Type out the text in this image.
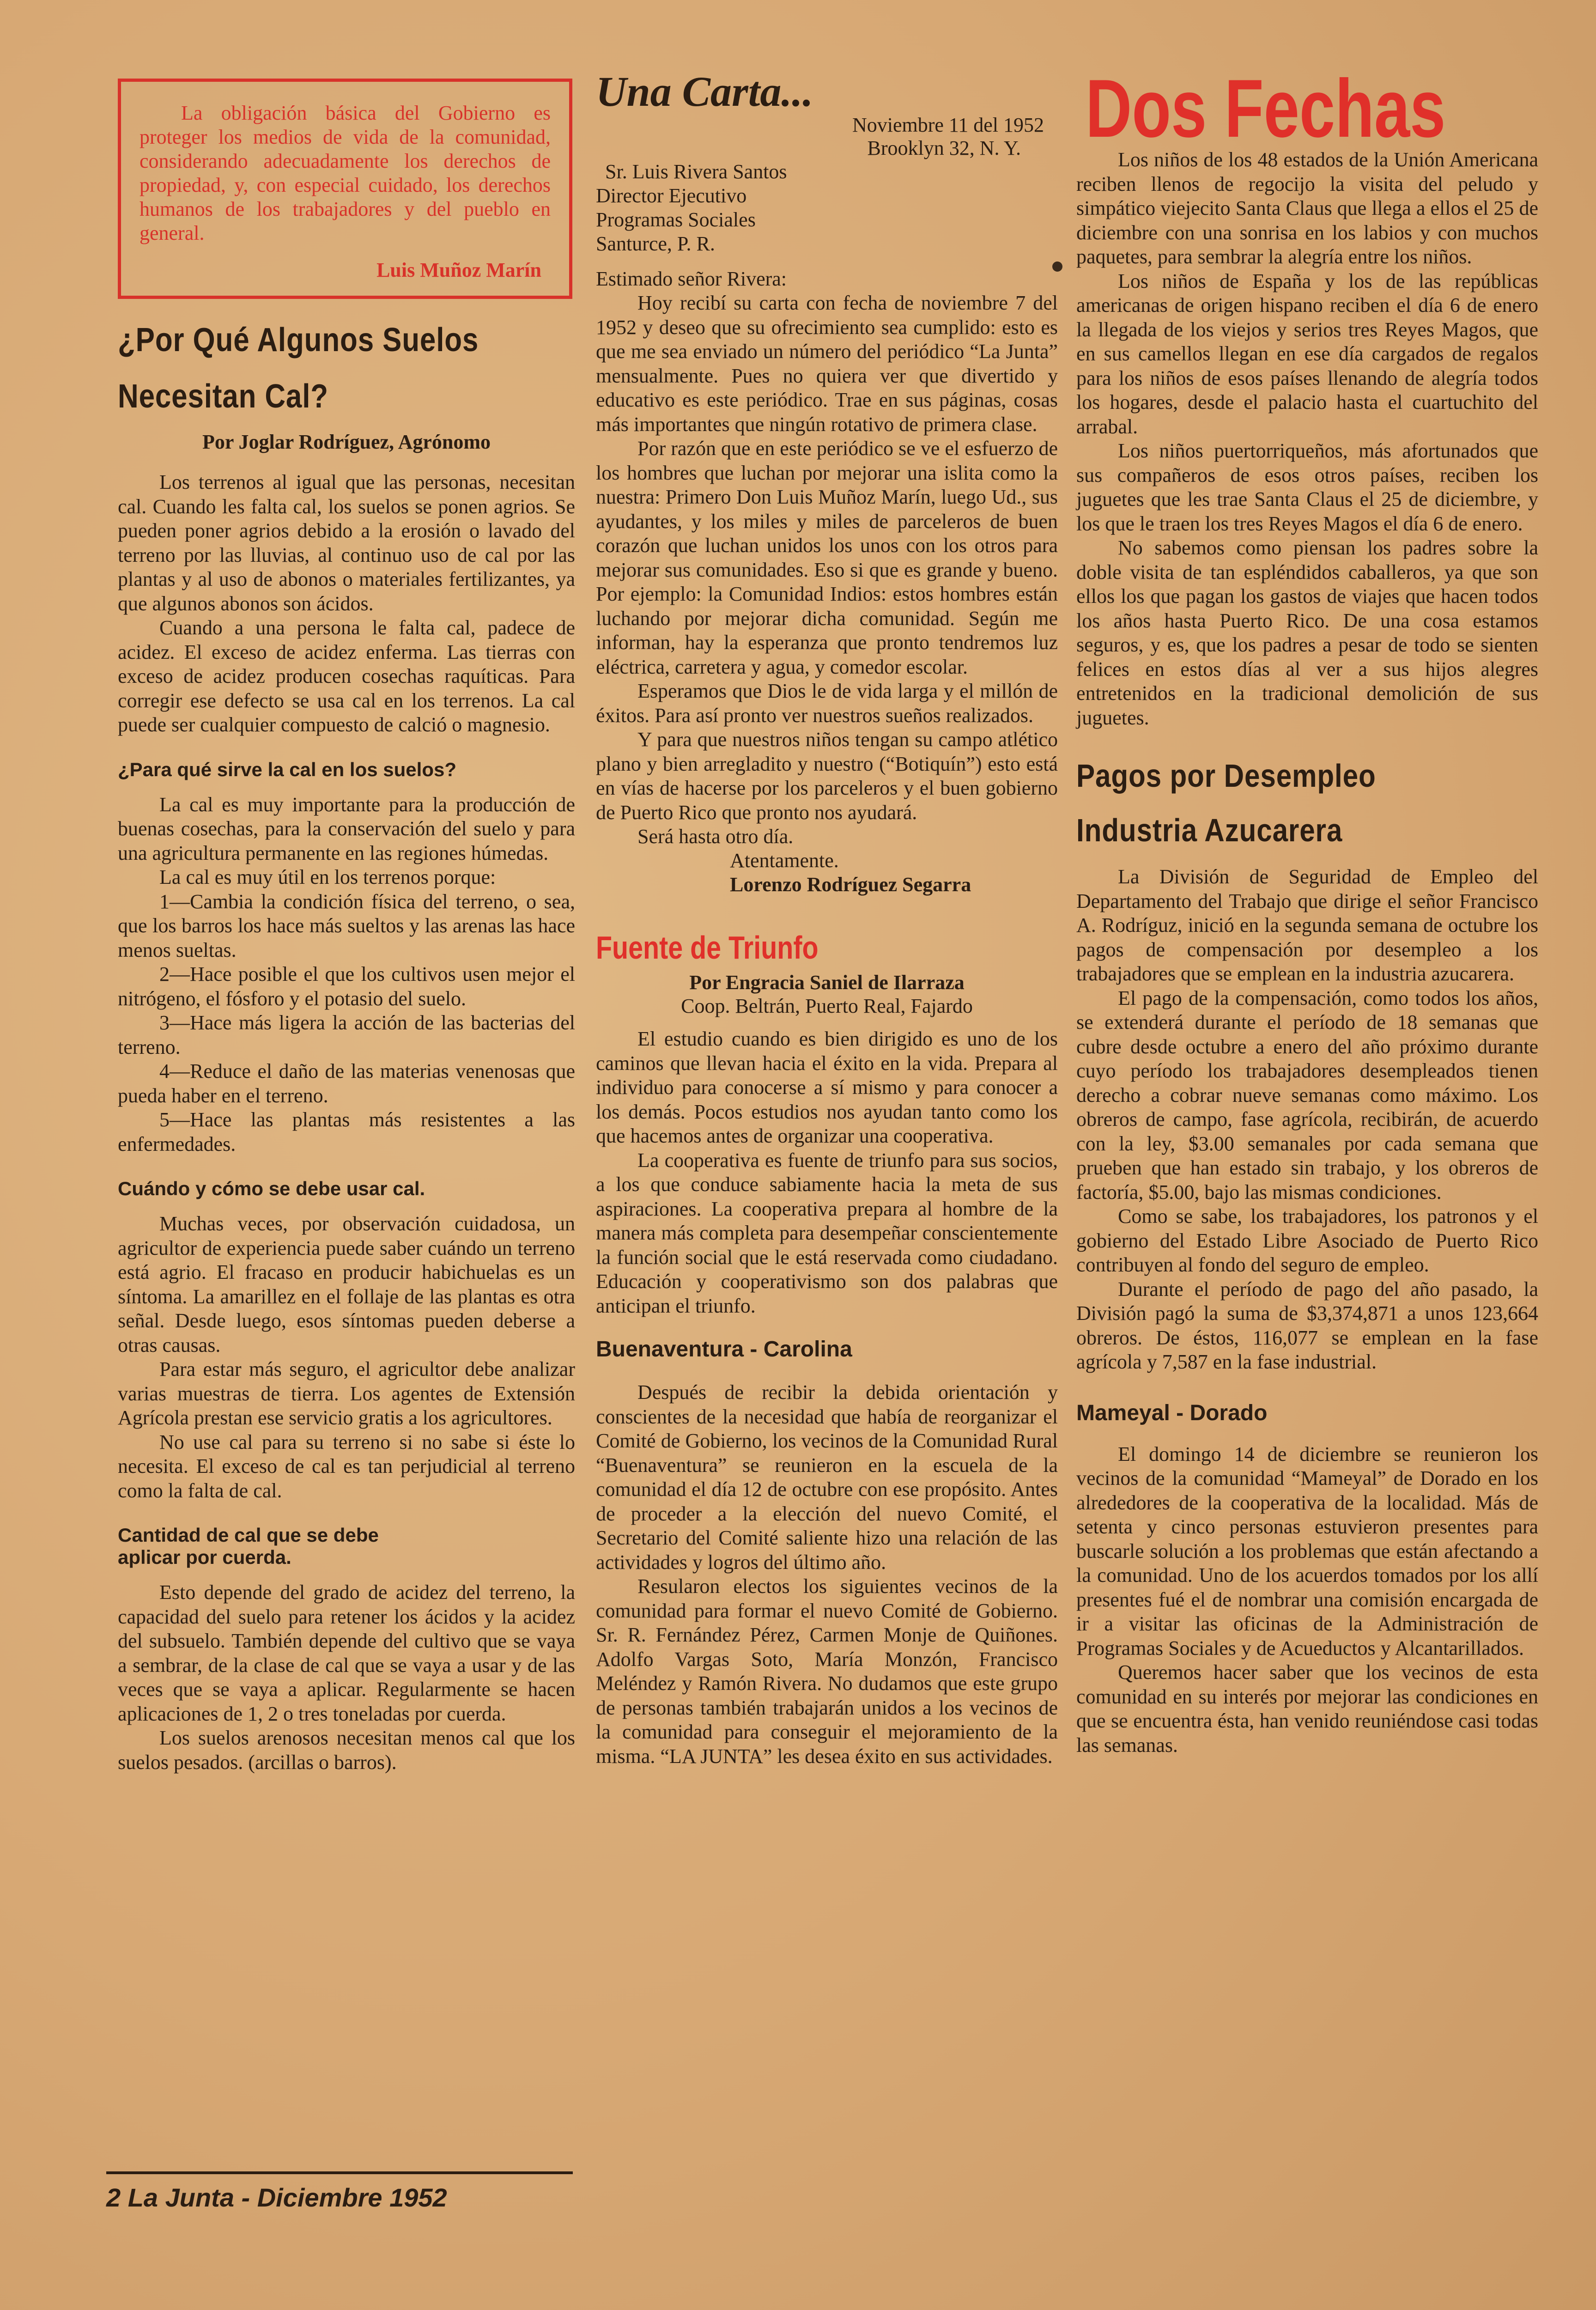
La obligación básica del Gobierno es proteger los medios de vida de la comunidad, considerando adecuadamente los derechos de propiedad, y, con especial cuidado, los derechos humanos de los trabajadores y del pueblo en general.

Luis Muñoz Marín
¿Por Qué Algunos Suelos
Necesitan Cal?
Por Joglar Rodríguez, Agrónomo

Los terrenos al igual que las personas, necesitan cal. Cuando les falta cal, los suelos se ponen agrios. Se pueden poner agrios debido a la erosión o lavado del terreno por las lluvias, al continuo uso de cal por las plantas y al uso de abonos o materiales fertilizantes, ya que algunos abonos son ácidos.

Cuando a una persona le falta cal, padece de acidez. El exceso de acidez enferma. Las tierras con exceso de acidez producen cosechas raquíticas. Para corregir ese defecto se usa cal en los terrenos. La cal puede ser cualquier compuesto de calció o magnesio.

¿Para qué sirve la cal en los suelos?

La cal es muy importante para la producción de buenas cosechas, para la conservación del suelo y para una agricultura permanente en las regiones húmedas.

La cal es muy útil en los terrenos porque:

1—Cambia la condición física del terreno, o sea, que los barros los hace más sueltos y las arenas las hace menos sueltas.

2—Hace posible el que los cultivos usen mejor el nitrógeno, el fósforo y el potasio del suelo.

3—Hace más ligera la acción de las bacterias del terreno.

4—Reduce el daño de las materias venenosas que pueda haber en el terreno.

5—Hace las plantas más resistentes a las enfermedades.

Cuándo y cómo se debe usar cal.

Muchas veces, por observación cuidadosa, un agricultor de experiencia puede saber cuándo un terreno está agrio. El fracaso en producir habichuelas es un síntoma. La amarillez en el follaje de las plantas es otra señal. Desde luego, esos síntomas pueden deberse a otras causas.

Para estar más seguro, el agricultor debe analizar varias muestras de tierra. Los agentes de Extensión Agrícola prestan ese servicio gratis a los agricultores.

No use cal para su terreno si no sabe si éste lo necesita. El exceso de cal es tan perjudicial al terreno como la falta de cal.

Cantidad de cal que se debe
aplicar por cuerda.

Esto depende del grado de acidez del terreno, la capacidad del suelo para retener los ácidos y la acidez del subsuelo. También depende del cultivo que se vaya a sembrar, de la clase de cal que se vaya a usar y de las veces que se vaya a aplicar. Regularmente se hacen aplicaciones de 1, 2 o tres toneladas por cuerda.

Los suelos arenosos necesitan menos cal que los suelos pesados. (arcillas o barros).

2 La Junta - Diciembre 1952
Una Carta...
Noviembre 11 del 1952
Brooklyn 32, N. Y.
Sr. Luis Rivera Santos
Director Ejecutivo
Programas Sociales
Santurce, P. R.
Estimado señor Rivera:

Hoy recibí su carta con fecha de noviembre 7 del 1952 y deseo que su ofrecimiento sea cumplido: esto es que me sea enviado un número del periódico “La Junta” mensualmente. Pues no quiera ver que divertido y educativo es este periódico. Trae en sus páginas, cosas más importantes que ningún rotativo de primera clase.

Por razón que en este periódico se ve el esfuerzo de los hombres que luchan por mejorar una islita como la nuestra: Primero Don Luis Muñoz Marín, luego Ud., sus ayudantes, y los miles y miles de parceleros de buen corazón que luchan unidos los unos con los otros para mejorar sus comunidades. Eso si que es grande y bueno. Por ejemplo: la Comunidad Indios: estos hombres están luchando por mejorar dicha comunidad. Según me informan, hay la esperanza que pronto tendremos luz eléctrica, carretera y agua, y comedor escolar.

Esperamos que Dios le de vida larga y el millón de éxitos. Para así pronto ver nuestros sueños realizados.

Y para que nuestros niños tengan su campo atlético plano y bien arregladito y nuestro (“Botiquín”) esto está en vías de hacerse por los parceleros y el buen gobierno de Puerto Rico que pronto nos ayudará.

Será hasta otro día.
Atentamente.
Lorenzo Rodríguez Segarra
Fuente de Triunfo
Por Engracia Saniel de Ilarraza
Coop. Beltrán, Puerto Real, Fajardo

El estudio cuando es bien dirigido es uno de los caminos que llevan hacia el éxito en la vida. Prepara al individuo para conocerse a sí mismo y para conocer a los demás. Pocos estudios nos ayudan tanto como los que hacemos antes de organizar una cooperativa.

La cooperativa es fuente de triunfo para sus socios, a los que conduce sabiamente hacia la meta de sus aspiraciones. La cooperativa prepara al hombre de la manera más completa para desempeñar conscientemente la función social que le está reservada como ciudadano. Educación y cooperativismo son dos palabras que anticipan el triunfo.

Buenaventura - Carolina

Después de recibir la debida orientación y conscientes de la necesidad que había de reorganizar el Comité de Gobierno, los vecinos de la Comunidad Rural “Buenaventura” se reunieron en la escuela de la comunidad el día 12 de octubre con ese propósito. Antes de proceder a la elección del nuevo Comité, el Secretario del Comité saliente hizo una relación de las actividades y logros del último año.

Resularon electos los siguientes vecinos de la comunidad para formar el nuevo Comité de Gobierno. Sr. R. Fernández Pérez, Carmen Monje de Quiñones. Adolfo Vargas Soto, María Monzón, Francisco Meléndez y Ramón Rivera. No dudamos que este grupo de personas también trabajarán unidos a los vecinos de la comunidad para conseguir el mejoramiento de la misma. “LA JUNTA” les desea éxito en sus actividades.

Dos Fechas

Los niños de los 48 estados de la Unión Americana reciben llenos de regocijo la visita del peludo y simpático viejecito Santa Claus que llega a ellos el 25 de diciembre con una sonrisa en los labios y con muchos paquetes, para sembrar la alegría entre los niños.

Los niños de España y los de las repúblicas americanas de origen hispano reciben el día 6 de enero la llegada de los viejos y serios tres Reyes Magos, que en sus camellos llegan en ese día cargados de regalos para los niños de esos países llenando de alegría todos los hogares, desde el palacio hasta el cuartuchito del arrabal.

Los niños puertorriqueños, más afortunados que sus compañeros de esos otros países, reciben los juguetes que les trae Santa Claus el 25 de diciembre, y los que le traen los tres Reyes Magos el día 6 de enero.

No sabemos como piensan los padres sobre la doble visita de tan espléndidos caballeros, ya que son ellos los que pagan los gastos de viajes que hacen todos los años hasta Puerto Rico. De una cosa estamos seguros, y es, que los padres a pesar de todo se sienten felices en estos días al ver a sus hijos alegres entretenidos en la tradicional demolición de sus juguetes.

Pagos por Desempleo
Industria Azucarera

La División de Seguridad de Empleo del Departamento del Trabajo que dirige el señor Francisco A. Rodríguz, inició en la segunda semana de octubre los pagos de compensación por desempleo a los trabajadores que se emplean en la industria azucarera.

El pago de la compensación, como todos los años, se extenderá durante el período de 18 semanas que cubre desde octubre a enero del año próximo durante cuyo período los trabajadores desempleados tienen derecho a cobrar nueve semanas como máximo. Los obreros de campo, fase agrícola, recibirán, de acuerdo con la ley, $3.00 semanales por cada semana que prueben que han estado sin trabajo, y los obreros de factoría, $5.00, bajo las mismas condiciones.

Como se sabe, los trabajadores, los patronos y el gobierno del Estado Libre Asociado de Puerto Rico contribuyen al fondo del seguro de empleo.

Durante el período de pago del año pasado, la División pagó la suma de $3,374,871 a unos 123,664 obreros. De éstos, 116,077 se emplean en la fase agrícola y 7,587 en la fase industrial.

Mameyal - Dorado

El domingo 14 de diciembre se reunieron los vecinos de la comunidad “Mameyal” de Dorado en los alrededores de la cooperativa de la localidad. Más de setenta y cinco personas estuvieron presentes para buscarle solución a los problemas que están afectando a la comunidad. Uno de los acuerdos tomados por los allí presentes fué el de nombrar una comisión encargada de ir a visitar las oficinas de la Administración de Programas Sociales y de Acueductos y Alcantarillados.

Queremos hacer saber que los vecinos de esta comunidad en su interés por mejorar las condiciones en que se encuentra ésta, han venido reuniéndose casi todas las semanas.
